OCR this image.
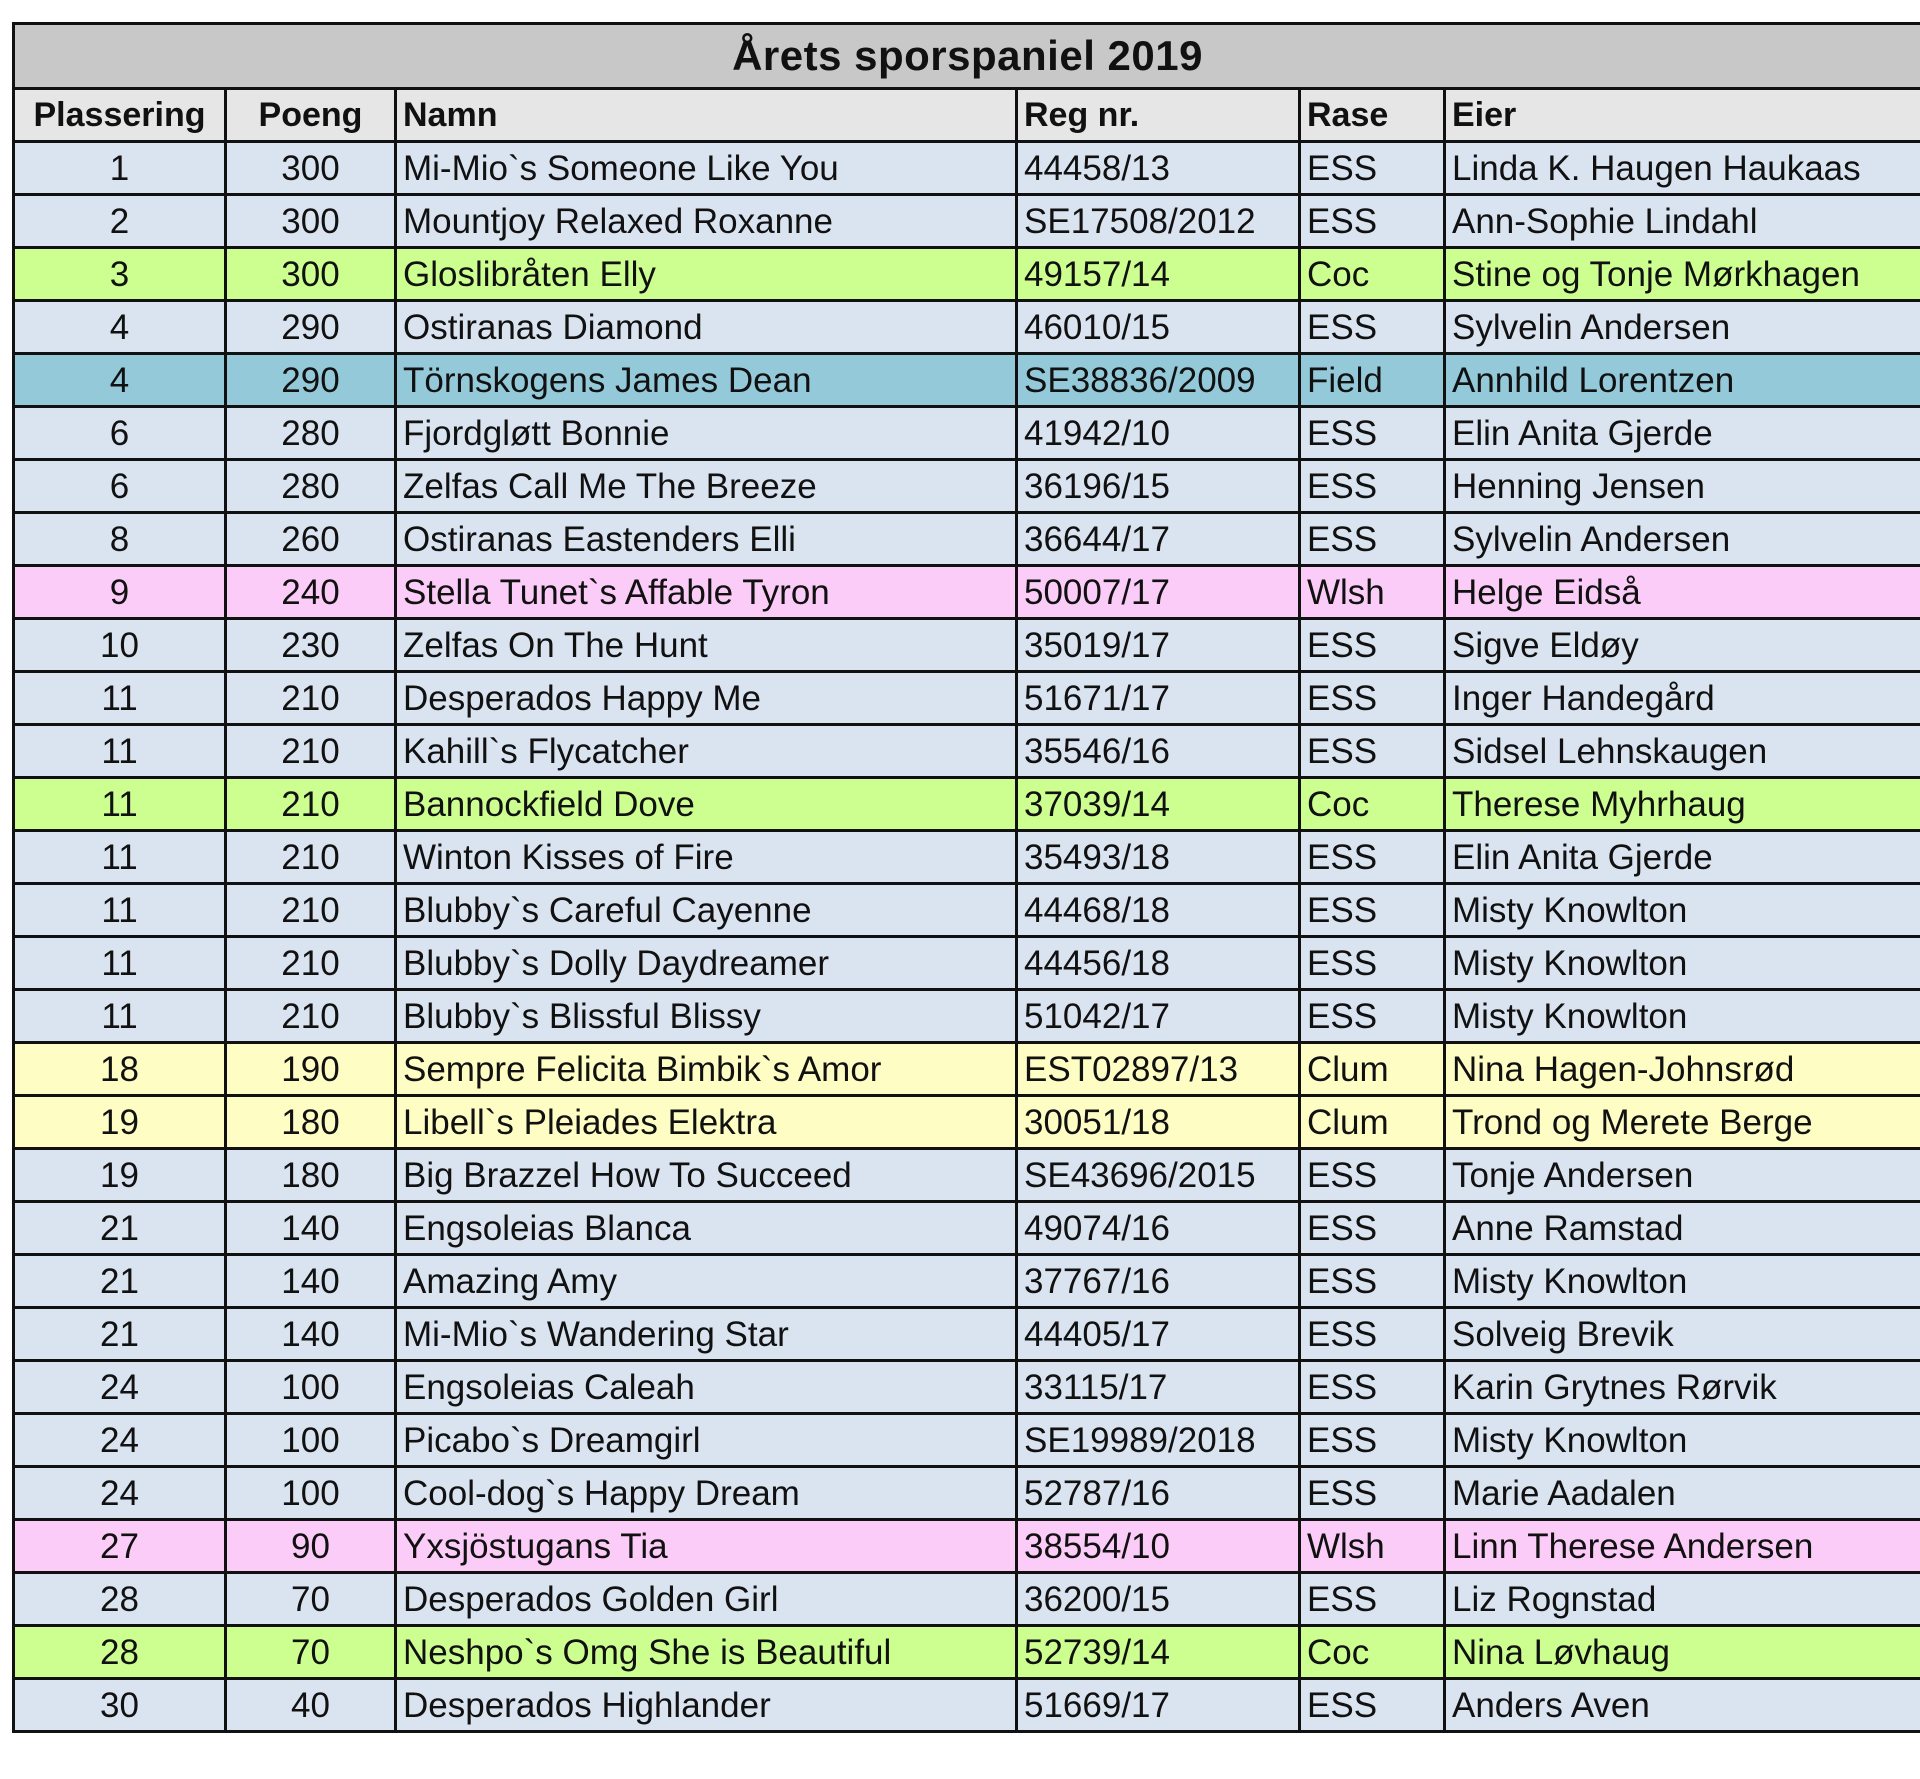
Årets sporspaniel 2019					
Plassering	Poeng	Namn	Reg nr.	Rase	Eier
1	300	Mi-Mio`s Someone Like You	44458/13	ESS	Linda K. Haugen Haukaas
2	300	Mountjoy Relaxed Roxanne	SE17508/2012	ESS	Ann-Sophie Lindahl
3	300	Gloslibråten Elly	49157/14	Coc	Stine og Tonje Mørkhagen
4	290	Ostiranas Diamond	46010/15	ESS	Sylvelin Andersen
4	290	Törnskogens James Dean	SE38836/2009	Field	Annhild Lorentzen
6	280	Fjordgløtt Bonnie	41942/10	ESS	Elin Anita Gjerde
6	280	Zelfas Call Me The Breeze	36196/15	ESS	Henning Jensen
8	260	Ostiranas Eastenders Elli	36644/17	ESS	Sylvelin Andersen
9	240	Stella Tunet`s Affable Tyron	50007/17	Wlsh	Helge Eidså
10	230	Zelfas On The Hunt	35019/17	ESS	Sigve Eldøy
11	210	Desperados Happy Me	51671/17	ESS	Inger Handegård
11	210	Kahill`s Flycatcher	35546/16	ESS	Sidsel Lehnskaugen
11	210	Bannockfield Dove	37039/14	Coc	Therese Myhrhaug
11	210	Winton Kisses of Fire	35493/18	ESS	Elin Anita Gjerde
11	210	Blubby`s Careful Cayenne	44468/18	ESS	Misty Knowlton
11	210	Blubby`s Dolly Daydreamer	44456/18	ESS	Misty Knowlton
11	210	Blubby`s Blissful Blissy	51042/17	ESS	Misty Knowlton
18	190	Sempre Felicita Bimbik`s Amor	EST02897/13	Clum	Nina Hagen-Johnsrød
19	180	Libell`s Pleiades Elektra	30051/18	Clum	Trond og Merete Berge
19	180	Big Brazzel How To Succeed	SE43696/2015	ESS	Tonje Andersen
21	140	Engsoleias Blanca	49074/16	ESS	Anne Ramstad
21	140	Amazing Amy	37767/16	ESS	Misty Knowlton
21	140	Mi-Mio`s Wandering Star	44405/17	ESS	Solveig Brevik
24	100	Engsoleias Caleah	33115/17	ESS	Karin Grytnes Rørvik
24	100	Picabo`s Dreamgirl	SE19989/2018	ESS	Misty Knowlton
24	100	Cool-dog`s Happy Dream	52787/16	ESS	Marie Aadalen
27	90	Yxsjöstugans Tia	38554/10	Wlsh	Linn Therese Andersen
28	70	Desperados Golden Girl	36200/15	ESS	Liz Rognstad
28	70	Neshpo`s Omg She is Beautiful	52739/14	Coc	Nina Løvhaug
30	40	Desperados Highlander	51669/17	ESS	Anders Aven
